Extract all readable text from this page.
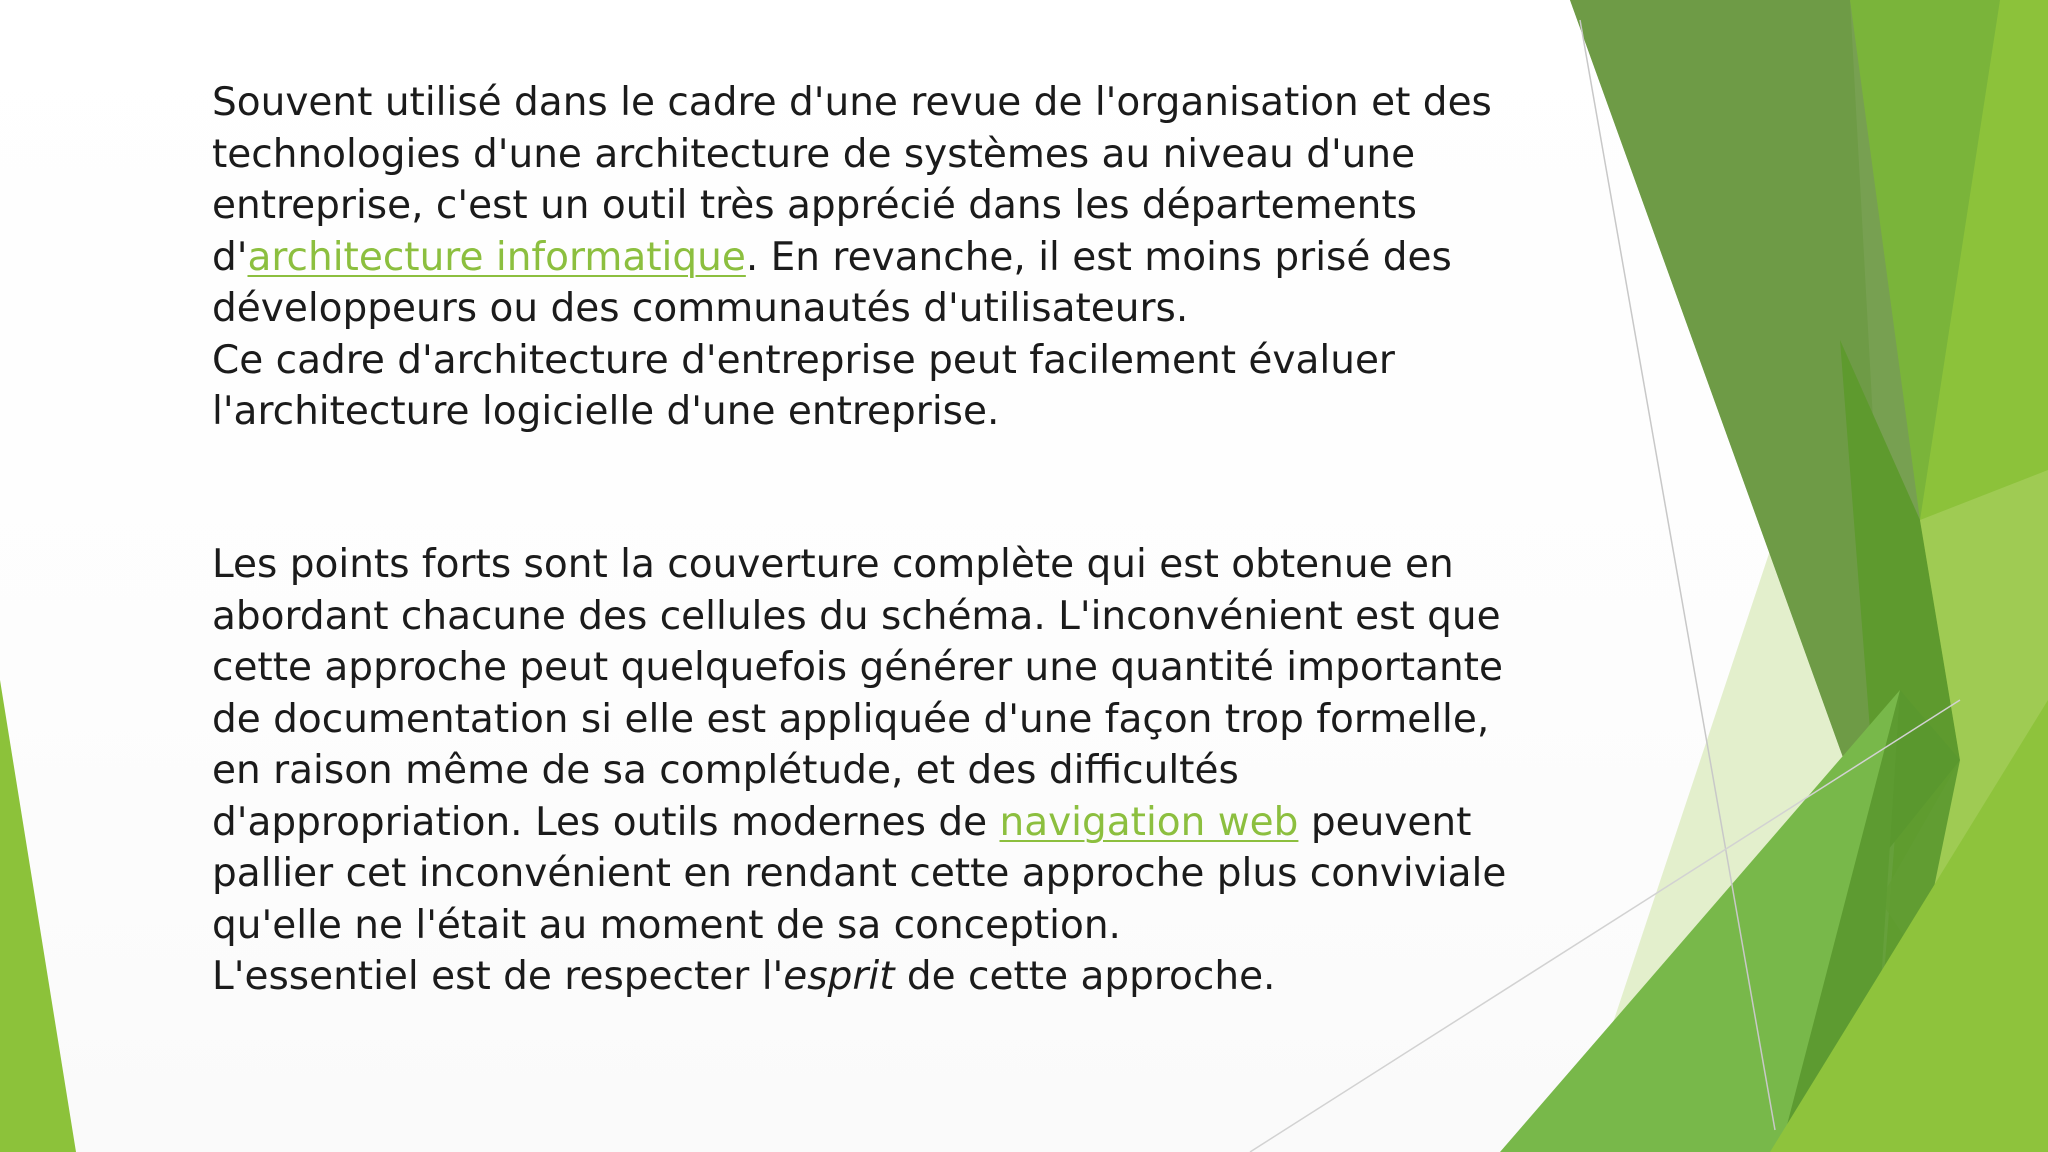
Souvent utilisé dans le cadre d'une revue de l'organisation et des technologies d'une architecture de systèmes au niveau d'une entreprise, c'est un outil très apprécié dans les départements d'architecture informatique. En revanche, il est moins prisé des développeurs ou des communautés d'utilisateurs.

Ce cadre d'architecture d'entreprise peut facilement évaluer l'architecture logicielle d'une entreprise.

Les points forts sont la couverture complète qui est obtenue en abordant chacune des cellules du schéma. L'inconvénient est que cette approche peut quelquefois générer une quantité importante de documentation si elle est appliquée d'une façon trop formelle, en raison même de sa complétude, et des difficultés d'appropriation. Les outils modernes de navigation web peuvent pallier cet inconvénient en rendant cette approche plus conviviale qu'elle ne l'était au moment de sa conception.

L'essentiel est de respecter l'esprit de cette approche.
